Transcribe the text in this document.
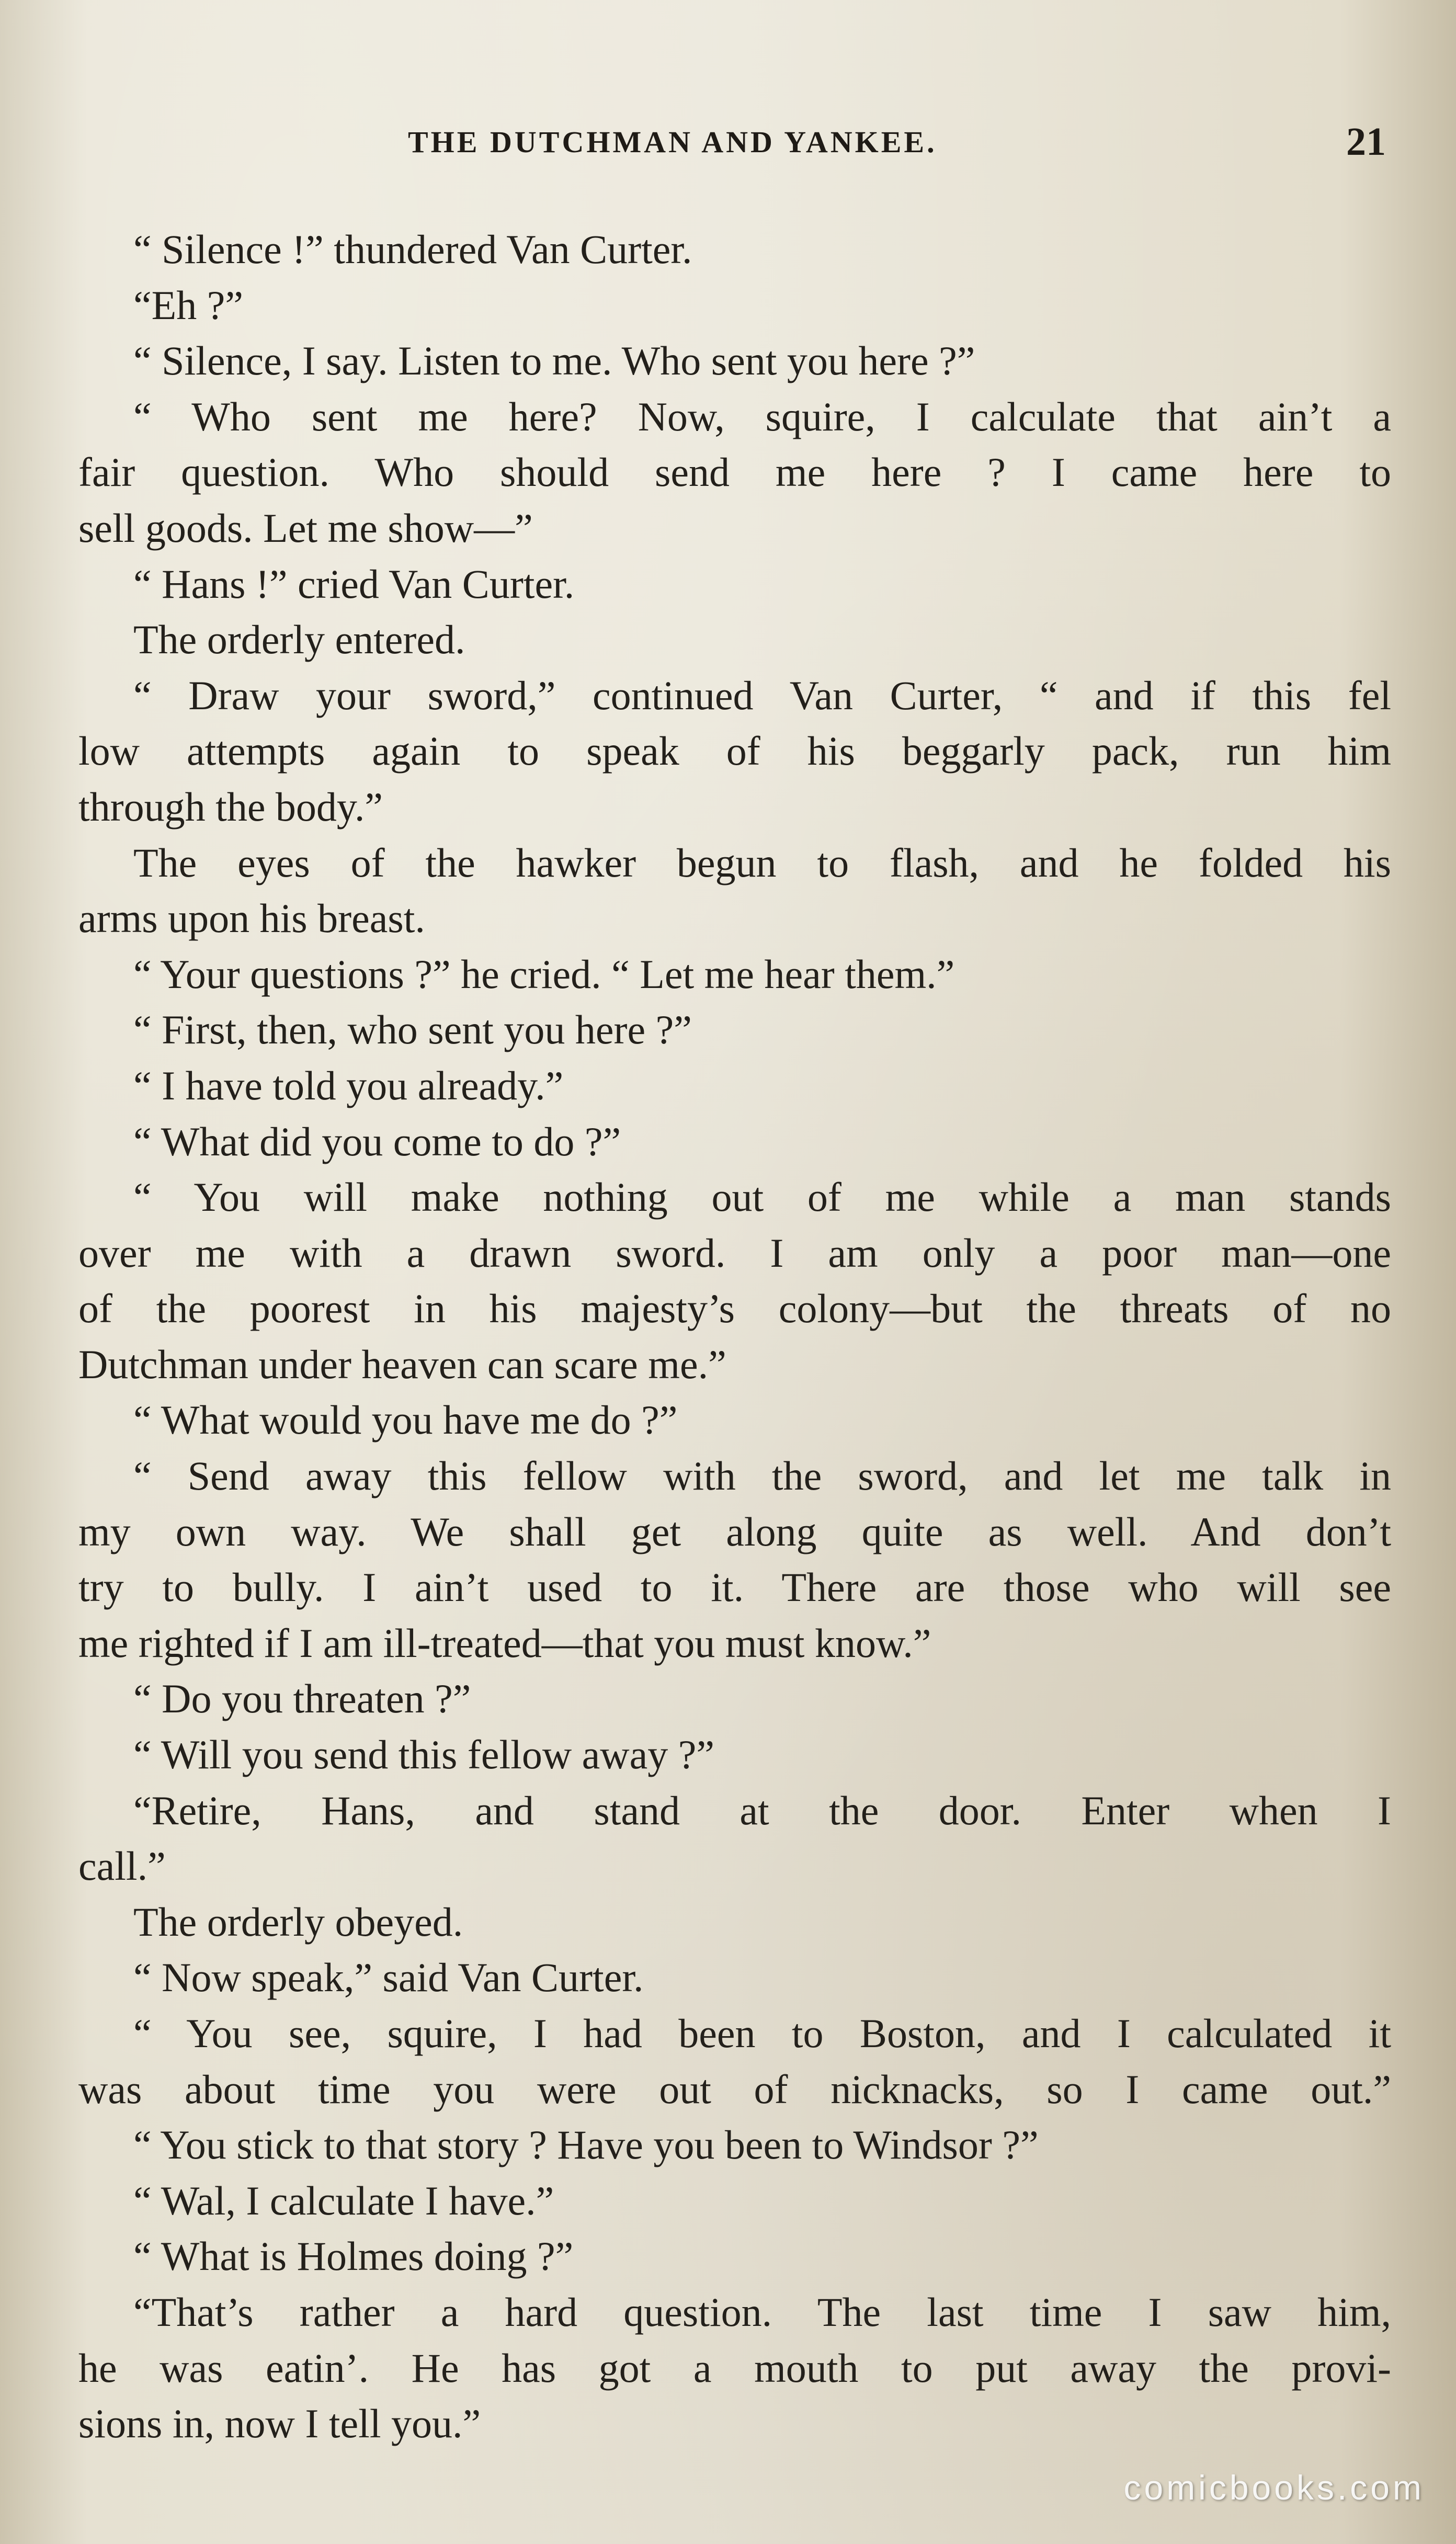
THE DUTCHMAN AND YANKEE.	21
“ Silence !” thundered Van Curter.
“Eh ?”
“ Silence, I say. Listen to me. Who sent you here ?”
“ Who sent me here? Now, squire, I calculate that ain’t a
fair question. Who should send me here ? I came here to
sell goods. Let me show—”
“ Hans !” cried Van Curter.
The orderly entered.
“ Draw your sword,” continued Van Curter, “ and if this fel
low attempts again to speak of his beggarly pack, run him
through the body.”
The eyes of the hawker begun to flash, and he folded his
arms upon his breast.
“ Your questions ?” he cried. “ Let me hear them.”
“ First, then, who sent you here ?”
“ I have told you already.”
“ What did you come to do ?”
“ You will make nothing out of me while a man stands
over me with a drawn sword. I am only a poor man—one
of the poorest in his majesty’s colony—but the threats of no
Dutchman under heaven can scare me.”
“ What would you have me do ?”
“ Send away this fellow with the sword, and let me talk in
my own way. We shall get along quite as well. And don’t
try to bully. I ain’t used to it. There are those who will see
me righted if I am ill-treated—that you must know.”
“ Do you threaten ?”
“ Will you send this fellow away ?”
“Retire, Hans, and stand at the door. Enter when I
call.”
The orderly obeyed.
“ Now speak,” said Van Curter.
“ You see, squire, I had been to Boston, and I calculated it
was about time you were out of nicknacks, so I came out.”
“ You stick to that story ? Have you been to Windsor ?”
“ Wal, I calculate I have.”
“ What is Holmes doing ?”
“That’s rather a hard question. The last time I saw him,
he was eatin’. He has got a mouth to put away the provi-
sions in, now I tell you.”
comicbooks.com
